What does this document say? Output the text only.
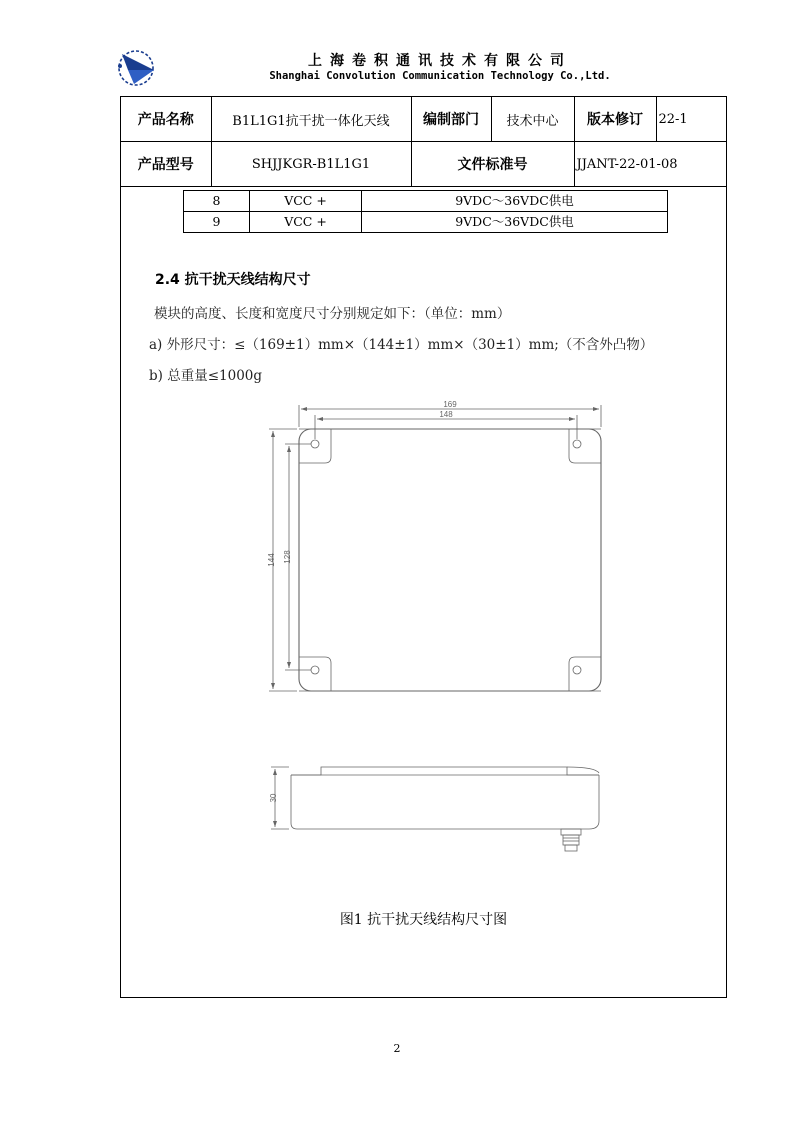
上海卷积通讯技术有限公司
Shanghai Convolution Communication Technology Co.,Ltd.
产品名称	B1L1G1抗干扰一体化天线	编制部门	技术中心	版本修订	22-1
产品型号	SHJJKGR-B1L1G1	文件标准号		JJANT-22-01-08	
8	VCC +	9VDC～36VDC供电
9	VCC +	9VDC～36VDC供电
2.4 抗干扰天线结构尺寸
模块的高度、长度和宽度尺寸分别规定如下：（单位：mm）
a) 外形尺寸：≤（169±1）mm×（144±1）mm×（30±1）mm;（不含外凸物）
b) 总重量≤1000g
169
148
144 128
30
图1 抗干扰天线结构尺寸图
2
